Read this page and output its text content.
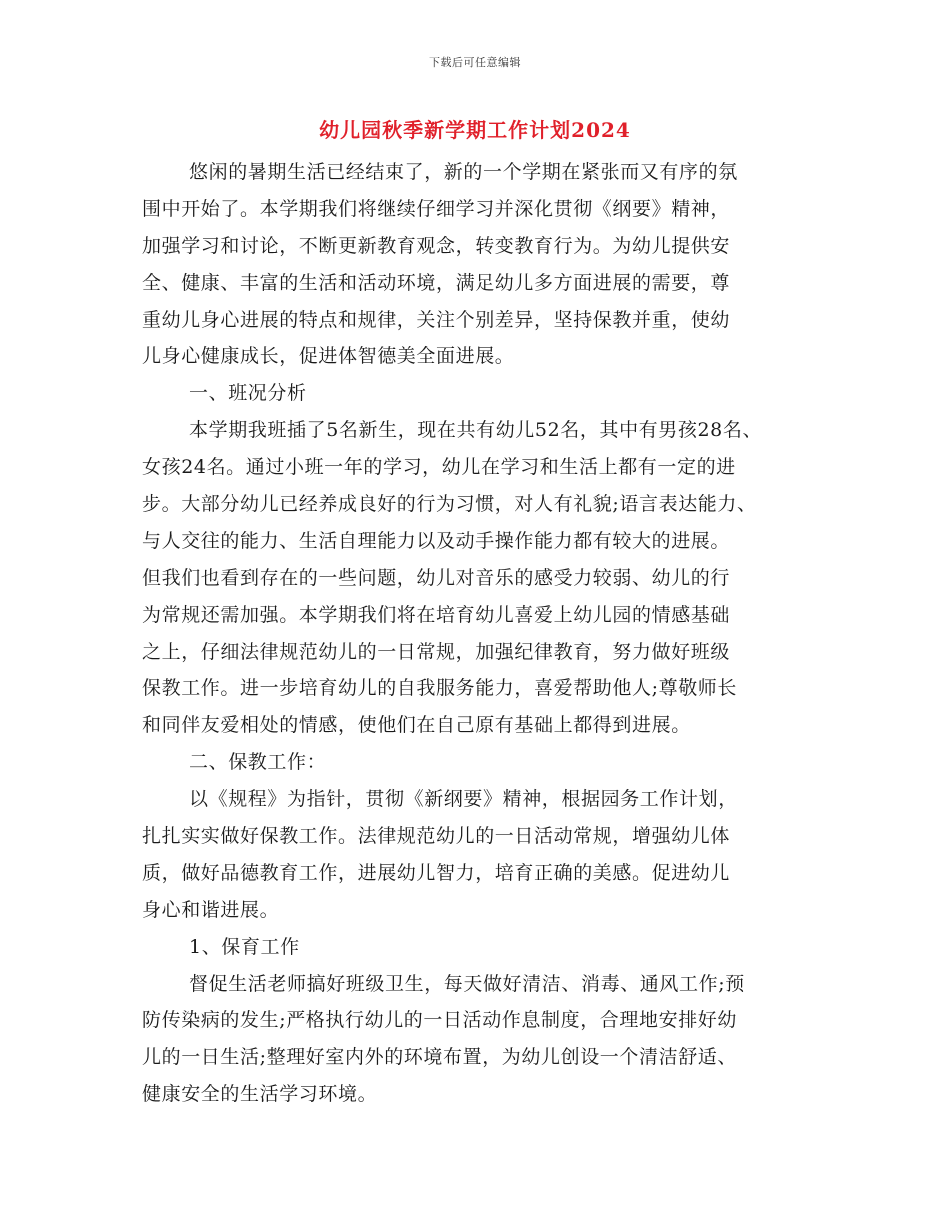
下载后可任意编辑
幼儿园秋季新学期工作计划2024
悠闲的暑期生活已经结束了，新的一个学期在紧张而又有序的氛
围中开始了。本学期我们将继续仔细学习并深化贯彻《纲要》精神，
加强学习和讨论，不断更新教育观念，转变教育行为。为幼儿提供安
全、健康、丰富的生活和活动环境，满足幼儿多方面进展的需要，尊
重幼儿身心进展的特点和规律，关注个别差异，坚持保教并重，使幼
儿身心健康成长，促进体智德美全面进展。
一、班况分析
本学期我班插了5名新生，现在共有幼儿52名，其中有男孩28名、
女孩24名。通过小班一年的学习，幼儿在学习和生活上都有一定的进
步。大部分幼儿已经养成良好的行为习惯，对人有礼貌;语言表达能力、
与人交往的能力、生活自理能力以及动手操作能力都有较大的进展。
但我们也看到存在的一些问题，幼儿对音乐的感受力较弱、幼儿的行
为常规还需加强。本学期我们将在培育幼儿喜爱上幼儿园的情感基础
之上，仔细法律规范幼儿的一日常规，加强纪律教育，努力做好班级
保教工作。进一步培育幼儿的自我服务能力，喜爱帮助他人;尊敬师长
和同伴友爱相处的情感，使他们在自己原有基础上都得到进展。
二、保教工作：
以《规程》为指针，贯彻《新纲要》精神，根据园务工作计划，
扎扎实实做好保教工作。法律规范幼儿的一日活动常规，增强幼儿体
质，做好品德教育工作，进展幼儿智力，培育正确的美感。促进幼儿
身心和谐进展。
1、保育工作
督促生活老师搞好班级卫生，每天做好清洁、消毒、通风工作;预
防传染病的发生;严格执行幼儿的一日活动作息制度，合理地安排好幼
儿的一日生活;整理好室内外的环境布置，为幼儿创设一个清洁舒适、
健康安全的生活学习环境。
